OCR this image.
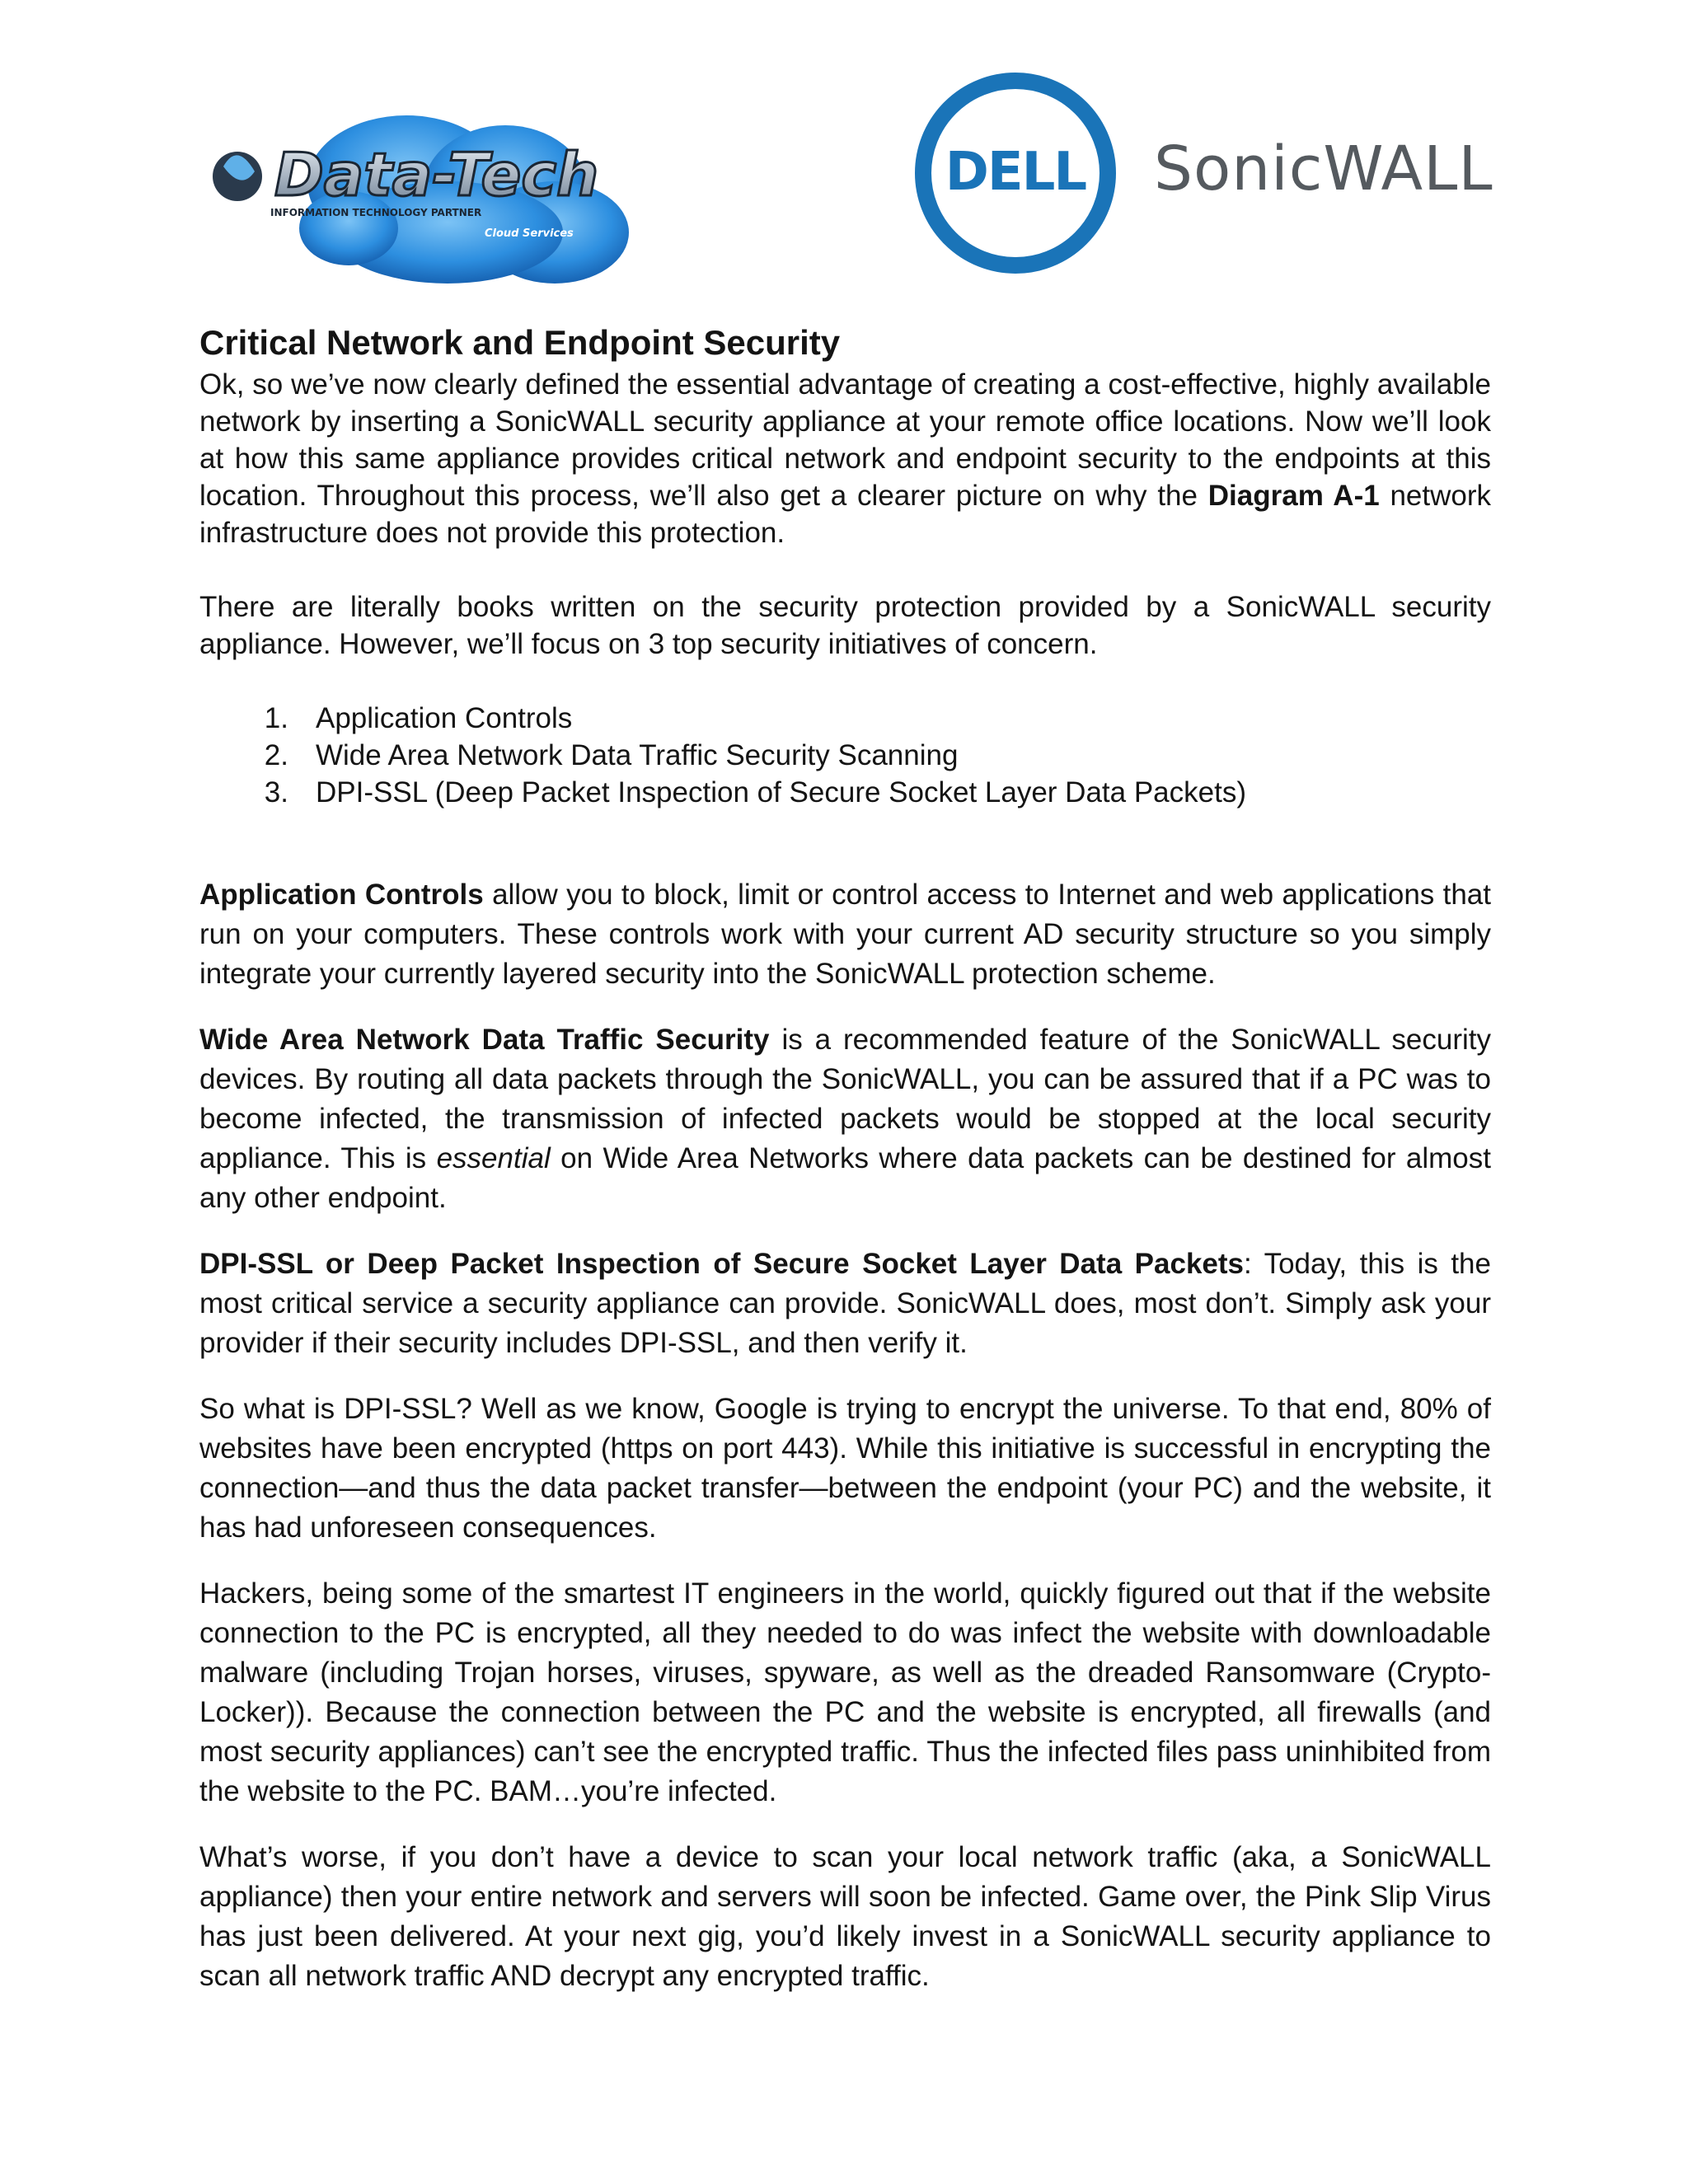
Data-Tech
INFORMATION TECHNOLOGY PARTNER
Cloud Services
DELL SonicWALL
Critical Network and Endpoint Security

Ok, so we’ve now clearly defined the essential advantage of creating a cost-effective, highly available network by inserting a SonicWALL security appliance at your remote office locations. Now we’ll look at how this same appliance provides critical network and endpoint security to the endpoints at this location. Throughout this process, we’ll also get a clearer picture on why the Diagram A-1 network infrastructure does not provide this protection.

There are literally books written on the security protection provided by a SonicWALL security appliance. However, we’ll focus on 3 top security initiatives of concern.

1. Application Controls
2. Wide Area Network Data Traffic Security Scanning
3. DPI-SSL (Deep Packet Inspection of Secure Socket Layer Data Packets)

Application Controls allow you to block, limit or control access to Internet and web applications that run on your computers. These controls work with your current AD security structure so you simply integrate your currently layered security into the SonicWALL protection scheme.

Wide Area Network Data Traffic Security is a recommended feature of the SonicWALL security devices. By routing all data packets through the SonicWALL, you can be assured that if a PC was to become infected, the transmission of infected packets would be stopped at the local security appliance. This is essential on Wide Area Networks where data packets can be destined for almost any other endpoint.

DPI-SSL or Deep Packet Inspection of Secure Socket Layer Data Packets: Today, this is the most critical service a security appliance can provide. SonicWALL does, most don’t. Simply ask your provider if their security includes DPI-SSL, and then verify it.

So what is DPI-SSL? Well as we know, Google is trying to encrypt the universe. To that end, 80% of websites have been encrypted (https on port 443). While this initiative is successful in encrypting the connection—and thus the data packet transfer—between the endpoint (your PC) and the website, it has had unforeseen consequences.

Hackers, being some of the smartest IT engineers in the world, quickly figured out that if the website connection to the PC is encrypted, all they needed to do was infect the website with downloadable malware (including Trojan horses, viruses, spyware, as well as the dreaded Ransomware (Crypto-Locker)). Because the connection between the PC and the website is encrypted, all firewalls (and most security appliances) can’t see the encrypted traffic. Thus the infected files pass uninhibited from the website to the PC. BAM…you’re infected.

What’s worse, if you don’t have a device to scan your local network traffic (aka, a SonicWALL appliance) then your entire network and servers will soon be infected. Game over, the Pink Slip Virus has just been delivered. At your next gig, you’d likely invest in a SonicWALL security appliance to scan all network traffic AND decrypt any encrypted traffic.
